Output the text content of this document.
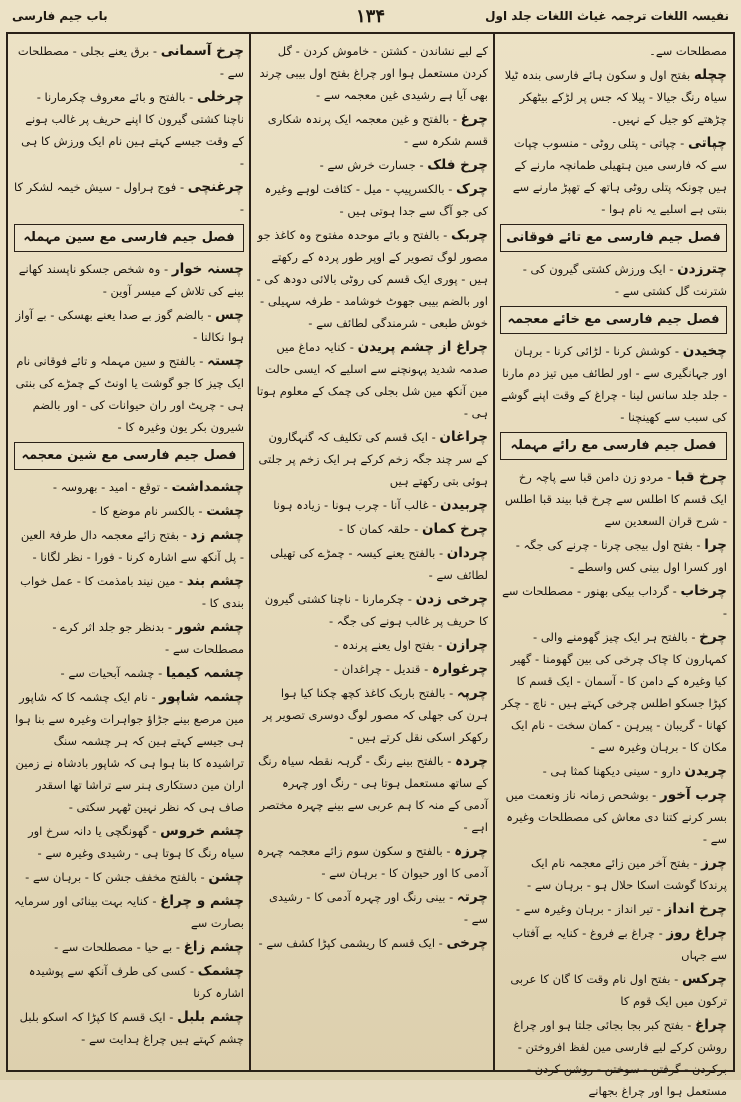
نفیسہ اللغات ترجمہ غیاث اللغات جلد اول
۱۳۴
باب جیم فارسی
مصطلحات سے۔
چچله بفتح اول و سکون ہائے فارسی بندہ ٹیلا سیاہ رنگ جیالا - پیلا کہ جس پر لڑکے بیٹھکر چڑھتے کو جیل کے نہیں۔
چپاتی - چپاتی - پتلی روٹی - منسوب چپات سے کہ فارسی مین ہتھیلی طمانچہ مارنے کے ہیں چونکہ پتلی روٹی ہاتھ کے تھپڑ مارنے سے بنتی ہے اسلیے یہ نام ہوا -
فصل جیم فارسی مع تائے فوقانی
چترزدن - ایک ورزش کشتی گیرون کی - شترنت گل کشتی سے -
فصل جیم فارسی مع خائے معجمہ
چخیدن - کوشش کرنا - لڑائی کرنا - برہان اور جہانگیری سے - اور لطائف میں تیز دم مارنا - جلد جلد سانس لینا - چراغ کے وقت اپنے گوشے کی سبب سے کھینچنا -
فصل جیم فارسی مع رائے مہملہ
چرخ قبا - مردو زن دامن قبا سے پاچہ رخ ایک قسم کا اطلس سے چرخ قبا بیند قبا اطلس - شرح قران السعدین سے
چرا - بفتح اول بیجی چرنا - چرنے کی جگہ - اور کسرا اول بینی کس واسطے -
چرخاب - گرداب بیکی بھنور - مصطلحات سے -
چرخ - بالفتح ہر ایک چیز گھومنے والی - کمہارون کا چاک چرخی کی بین گھومنا - گھیر کیا وغیرہ کے دامن کا - آسمان - ایک قسم کا کپڑا جسکو اطلس چرخی کہتے ہیں - ناچ - چکر کھانا - گریبان - پیرہن - کمان سخت - نام ایک مکان کا - برہان وغیرہ سے -
چریدن دارو - سینی دیکھنا کمثا ہی -
چرب آخور - بوشحص زمانہ ناز ونعمت میں بسر کرنے کتنا دی معاش کی مصطلحات وغیرہ سے -
چرز - بفتح آخر مین زائے معجمہ نام ایک پرندکا گوشت اسکا حلال ہو - برہان سے -
چرخ انداز - تیر انداز - برہان وغیرہ سے -
چراغ روز - چراغ بے فروغ - کنایہ بے آفتاب سے جہاں
چرکس - بفتح اول نام وقت کا گان کا عربی ترکون میں ایک قوم کا
چراغ - بفتح کبر بجا بجائی جلتا ہو اور چراغ روشن کرکے لیے فارسی مین لفظ افروختن - برکردن - گرفتن - سوختن - روشن کردن - مستعمل ہوا اور چراغ بجھانے
کے لیے نشاندن - کشتن - خاموش کردن - گل کردن مستعمل ہوا اور چراغ بفتح اول بیبی چرند بھی آیا ہے رشیدی غین معجمہ سے -
چرغ - بالفتح و غین معجمہ ایک پرندہ شکاری قسم شکرہ سے -
چرخ فلک - جسارت خرش سے -
چرک - بالکسرپیپ - میل - کثافت لوہے وغیرہ کی جو آگ سے جدا ہوتی ہیں -
چربک - بالفتح و بائے موحدہ مفتوح وہ کاغذ جو مصور لوگ تصویر کے اوپر طور پردہ کے رکھتے ہیں - پوری ایک قسم کی روٹی بالائی دودھ کی - اور بالضم بیبی جھوٹ خوشامد - طرفہ سہیلی - خوش طبعی - شرمندگی لطائف سے -
چراغ از چشم پریدن - کنایہ دماغ میں صدمہ شدید پہونچنے سے اسلیے کہ ایسی حالت مین آنکھ مین شل بجلی کی چمک کے معلوم ہوتا ہی -
چراغان - ایک قسم کی تکلیف کہ گنہگارون کے سر چند جگہ زخم کرکے ہر ایک زخم پر جلتی ہوئی بتی رکھتے ہیں
چربیدن - غالب آنا - چرب ہونا - زیادہ ہونا
چرخ کمان - حلقہ کمان کا -
چردان - بالفتح یعنے کیسہ - چمڑے کی تھیلی لطائف سے -
چرخی زدن - چکرمارنا - ناچنا کشتی گیرون کا حریف پر غالب ہونے کی جگہ -
چرازن - بفتح اول یعنے پرندہ -
چرغوارہ - قندیل - چراغدان -
چرپہ - بالفتح باریک کاغذ کچھ چکنا کیا ہوا ہرن کی جھلی کہ مصور لوگ دوسری تصویر پر رکھکر اسکی نقل کرتے ہیں -
چردہ - بالفتح بینے رنگ - گرہہ نقطہ سیاہ رنگ کے ساتھ مستعمل ہوتا ہی - رنگ اور چہرہ آدمی کے منہ کا ہم عربی سے بینے چہرہ مختصر اہے -
چرزہ - بالفتح و سکون سوم زائے معجمہ چہرہ آدمی کا اور حیوان کا - برہان سے -
چرتہ - بینی رنگ اور چہرہ آدمی کا - رشیدی سے -
چرخی - ایک قسم کا ریشمی کپڑا کشف سے -
چرخ آسمانی - برق یعنے بجلی - مصطلحات سے -
چرخلی - بالفتح و بائے معروف چکرمارنا - ناچنا کشتی گیرون کا اپنے حریف پر غالب ہونے کے وقت جیسے کہتے ہین نام ایک ورزش کا ہی -
چرغنچی - فوج ہراول - سیش خیمہ لشکر کا -
فصل جیم فارسی مع سین مہملہ
چسنہ خوار - وہ شخص جسکو ناپسند کھانے بینے کی تلاش کے میسر آوین -
چس - بالضم گوز بے صدا یعنے بھسکی - بے آواز ہوا نکالنا -
چستہ - بالفتح و سین مہملہ و تائے فوقانی نام ایک چیز کا جو گوشت یا اونٹ کے چمڑے کی بنتی ہی - چرپٹ اور ران حیوانات کی - اور بالضم شیرون بکر یون وغیرہ کا -
فصل جیم فارسی مع شین معجمہ
چشمداشت - توقع - امید - بھروسہ -
چشت - بالکسر نام موضع کا -
چشم زد - بفتح زائے معجمہ دال طرفۃ العین - پل آنکھ سے اشارہ کرنا - فورا - نظر لگانا -
چشم بند - مین نیند بامذمت کا - عمل خواب بندی کا -
چشم شور - بدنظر جو جلد اثر کرے - مصطلحات سے -
چشمہ کیمیا - چشمہ آبحیات سے -
چشمہ شاپور - نام ایک چشمہ کا کہ شاپور مین مرصع بینے جڑاؤ جواہرات وغیرہ سے بنا ہوا ہی جیسے کہتے ہین کہ ہر چشمہ سنگ تراشیدہ کا بنا ہوا ہی کہ شاپور بادشاہ نے زمین اران مین دستکاری ہنر سے تراشا تھا اسقدر صاف ہی کہ نظر نہین ٹھہر سکتی -
چشم خروس - گھونگچی یا دانہ سرخ اور سیاہ رنگ کا ہوتا ہی - رشیدی وغیرہ سے -
چشن - بالفتح مخفف جشن کا - برہان سے -
چشم و چراغ - کنایہ بہت بینائی اور سرمایہ بصارت سے
چشم زاغ - بے حیا - مصطلحات سے -
چشمک - کسی کی طرف آنکھ سے پوشیدہ اشارہ کرنا
چشم بلبل - ایک قسم کا کپڑا کہ اسکو بلبل چشم کہتے ہیں چراغ ہدایت سے -
